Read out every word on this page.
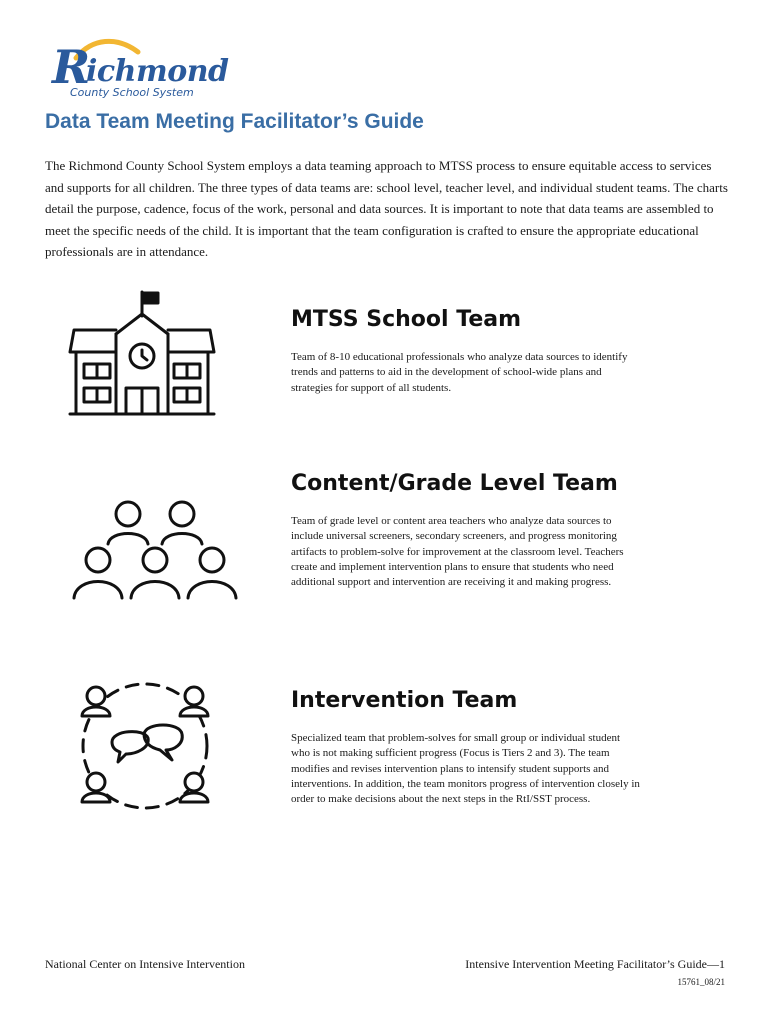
R
ichmond
County School System
Data Team Meeting Facilitator’s Guide

The Richmond County School System employs a data teaming approach to MTSS process to ensure equitable access to services and supports for all children. The three types of data teams are: school level, teacher level, and individual student teams. The charts detail the purpose, cadence, focus of the work, personal and data sources. It is important to note that data teams are assembled to meet the specific needs of the child. It is important that the team configuration is crafted to ensure the appropriate educational professionals are in attendance.

MTSS School Team

Team of 8-10 educational professionals who analyze data sources to identify trends and patterns to aid in the development of school-wide plans and strategies for support of all students.

Content/Grade Level Team

Team of grade level or content area teachers who analyze data sources to include universal screeners, secondary screeners, and progress monitoring artifacts to problem-solve for improvement at the classroom level. Teachers create and implement intervention plans to ensure that students who need additional support and intervention are receiving it and making progress.

Intervention Team

Specialized team that problem-solves for small group or individual student who is not making sufficient progress (Focus is Tiers 2 and 3). The team modifies and revises intervention plans to intensify student supports and interventions. In addition, the team monitors progress of intervention closely in order to make decisions about the next steps in the RtI/SST process.

National Center on Intensive Intervention	Intensive Intervention Meeting Facilitator’s Guide—1
15761_08/21
